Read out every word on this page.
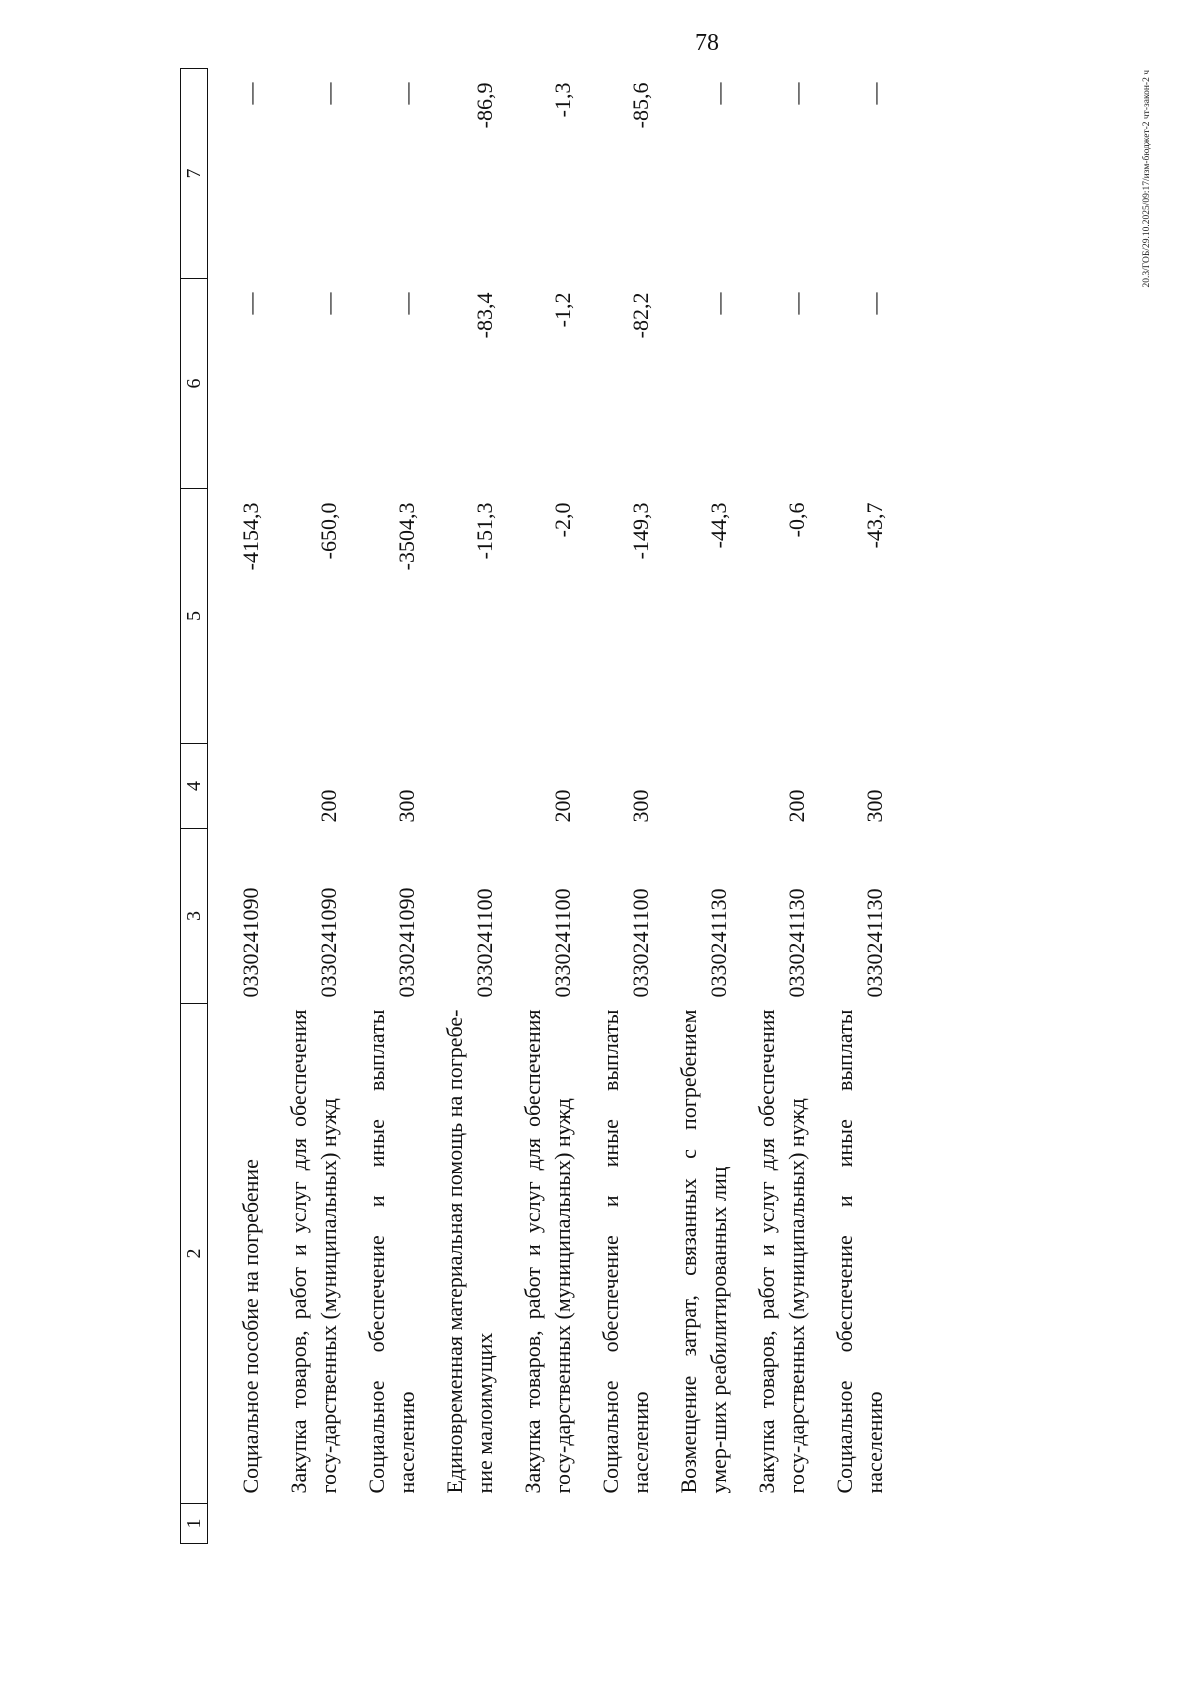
78
20.3/ГОБ/29.10.2025/09:17/изм-бюджет-2 чт-закон-2 ч
1	2	3	4	5	6	7
	Социальное пособие на погребение	0330241090		-4154,3	—	—
	Закупка товаров, работ и услуг для обеспечения госу-дарственных (муниципальных) нужд	0330241090	200	-650,0	—	—
	Социальное обеспечение и иные выплаты населению	0330241090	300	-3504,3	—	—
	Единовременная материальная помощь на погребе-ние малоимущих	0330241100		-151,3	-83,4	-86,9
	Закупка товаров, работ и услуг для обеспечения госу-дарственных (муниципальных) нужд	0330241100	200	-2,0	-1,2	-1,3
	Социальное обеспечение и иные выплаты населению	0330241100	300	-149,3	-82,2	-85,6
	Возмещение затрат, связанных с погребением умер-ших реабилитированных лиц	0330241130		-44,3	—	—
	Закупка товаров, работ и услуг для обеспечения госу-дарственных (муниципальных) нужд	0330241130	200	-0,6	—	—
	Социальное обеспечение и иные выплаты населению	0330241130	300	-43,7	—	—
